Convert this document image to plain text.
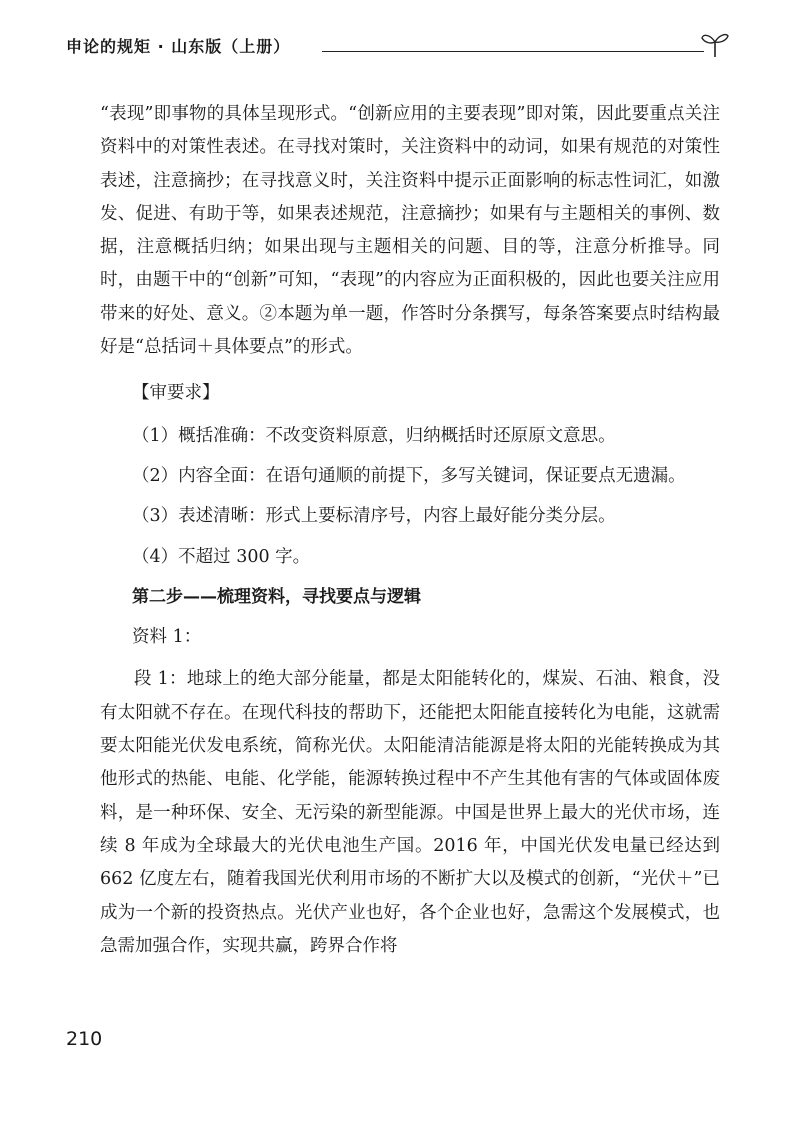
申论的规矩 · 山东版（上册）

“表现”即事物的具体呈现形式。“创新应用的主要表现”即对策，因此要重点关注资料中的对策性表述。在寻找对策时，关注资料中的动词，如果有规范的对策性表述，注意摘抄；在寻找意义时，关注资料中提示正面影响的标志性词汇，如激发、促进、有助于等，如果表述规范，注意摘抄；如果有与主题相关的事例、数据，注意概括归纳；如果出现与主题相关的问题、目的等，注意分析推导。同时，由题干中的“创新”可知，“表现”的内容应为正面积极的，因此也要关注应用带来的好处、意义。②本题为单一题，作答时分条撰写，每条答案要点时结构最好是“总括词＋具体要点”的形式。

【审要求】

（1）概括准确：不改变资料原意，归纳概括时还原原文意思。

（2）内容全面：在语句通顺的前提下，多写关键词，保证要点无遗漏。

（3）表述清晰：形式上要标清序号，内容上最好能分类分层。

（4）不超过 300 字。

第二步——梳理资料，寻找要点与逻辑

资料 1：

段 1：地球上的绝大部分能量，都是太阳能转化的，煤炭、石油、粮食，没有太阳就不存在。在现代科技的帮助下，还能把太阳能直接转化为电能，这就需要太阳能光伏发电系统，简称光伏。太阳能清洁能源是将太阳的光能转换成为其他形式的热能、电能、化学能，能源转换过程中不产生其他有害的气体或固体废料，是一种环保、安全、无污染的新型能源。中国是世界上最大的光伏市场，连续 8 年成为全球最大的光伏电池生产国。2016 年，中国光伏发电量已经达到 662 亿度左右，随着我国光伏利用市场的不断扩大以及模式的创新，“光伏＋”已成为一个新的投资热点。光伏产业也好，各个企业也好，急需这个发展模式，也急需加强合作，实现共赢，跨界合作将

210
